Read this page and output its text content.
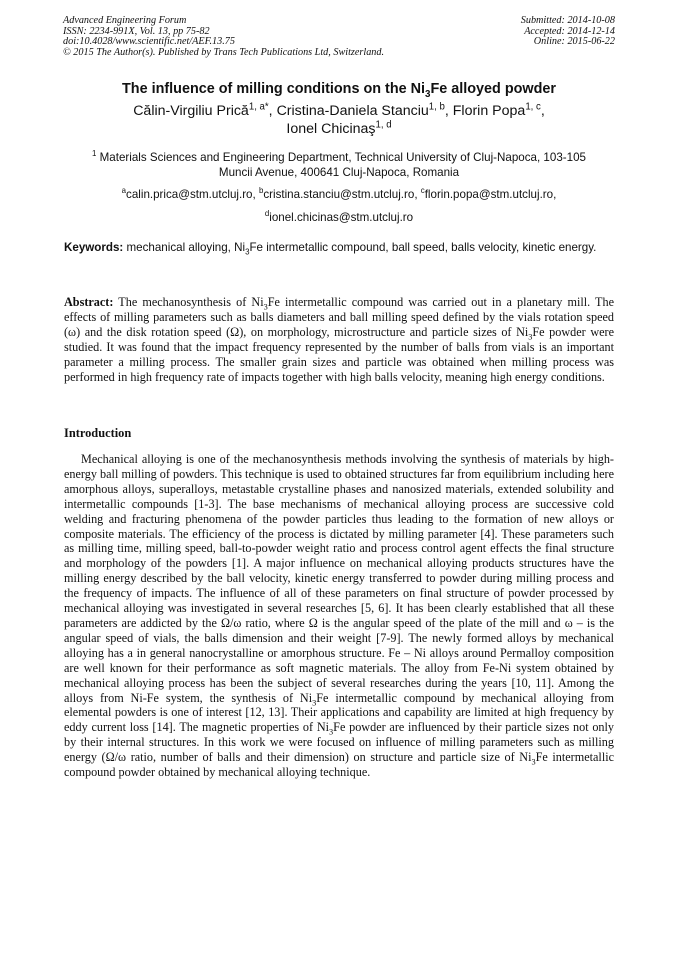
Advanced Engineering Forum
ISSN: 2234-991X, Vol. 13, pp 75-82
doi:10.4028/www.scientific.net/AEF.13.75
© 2015 The Author(s). Published by Trans Tech Publications Ltd, Switzerland.
Submitted: 2014-10-08
Accepted: 2014-12-14
Online: 2015-06-22
The influence of milling conditions on the $Ni_3Fe$ alloyed powder
Călin-Virgiliu Prică$^{1, a*}$, Cristina-Daniela Stanciu$^{1, b}$, Florin Popa$^{1, c}$,
Ionel Chicinaş$^{1, d}$
$^1$ Materials Sciences and Engineering Department, Technical University of Cluj-Napoca, 103-105
Muncii Avenue, 400641 Cluj-Napoca, Romania
$^a$calin.prica@stm.utcluj.ro, $^b$cristina.stanciu@stm.utcluj.ro, $^c$florin.popa@stm.utcluj.ro,
$^d$ionel.chicinas@stm.utcluj.ro
Keywords: mechanical alloying, $Ni_3Fe$ intermetallic compound, ball speed, balls velocity, kinetic energy.

Abstract: The mechanosynthesis of $Ni_3Fe$ intermetallic compound was carried out in a planetary mill. The effects of milling parameters such as balls diameters and ball milling speed defined by the vials rotation speed (ω) and the disk rotation speed (Ω), on morphology, microstructure and particle sizes of $Ni_3Fe$ powder were studied. It was found that the impact frequency represented by the number of balls from vials is an important parameter a milling process. The smaller grain sizes and particle was obtained when milling process was performed in high frequency rate of impacts together with high balls velocity, meaning high energy conditions.

Introduction

Mechanical alloying is one of the mechanosynthesis methods involving the synthesis of materials by high-energy ball milling of powders. This technique is used to obtained structures far from equilibrium including here amorphous alloys, superalloys, metastable crystalline phases and nanosized materials, extended solubility and intermetallic compounds [1-3]. The base mechanisms of mechanical alloying process are successive cold welding and fracturing phenomena of the powder particles thus leading to the formation of new alloys or composite materials. The efficiency of the process is dictated by milling parameter [4]. These parameters such as milling time, milling speed, ball-to-powder weight ratio and process control agent effects the final structure and morphology of the powders [1]. A major influence on mechanical alloying products structures have the milling energy described by the ball velocity, kinetic energy transferred to powder during milling process and the frequency of impacts. The influence of all of these parameters on final structure of powder processed by mechanical alloying was investigated in several researches [5, 6]. It has been clearly established that all these parameters are addicted by the Ω/ω ratio, where Ω is the angular speed of the plate of the mill and ω – is the angular speed of vials, the balls dimension and their weight [7-9]. The newly formed alloys by mechanical alloying has a in general nanocrystalline or amorphous structure. Fe – Ni alloys around Permalloy composition are well known for their performance as soft magnetic materials. The alloy from Fe-Ni system obtained by mechanical alloying process has been the subject of several researches during the years [10, 11]. Among the alloys from Ni-Fe system, the synthesis of $Ni_3Fe$ intermetallic compound by mechanical alloying from elemental powders is one of interest [12, 13]. Their applications and capability are limited at high frequency by eddy current loss [14]. The magnetic properties of $Ni_3Fe$ powder are influenced by their particle sizes not only by their internal structures. In this work we were focused on influence of milling parameters such as milling energy (Ω/ω ratio, number of balls and their dimension) on structure and particle size of $Ni_3Fe$ intermetallic compound powder obtained by mechanical alloying technique.
